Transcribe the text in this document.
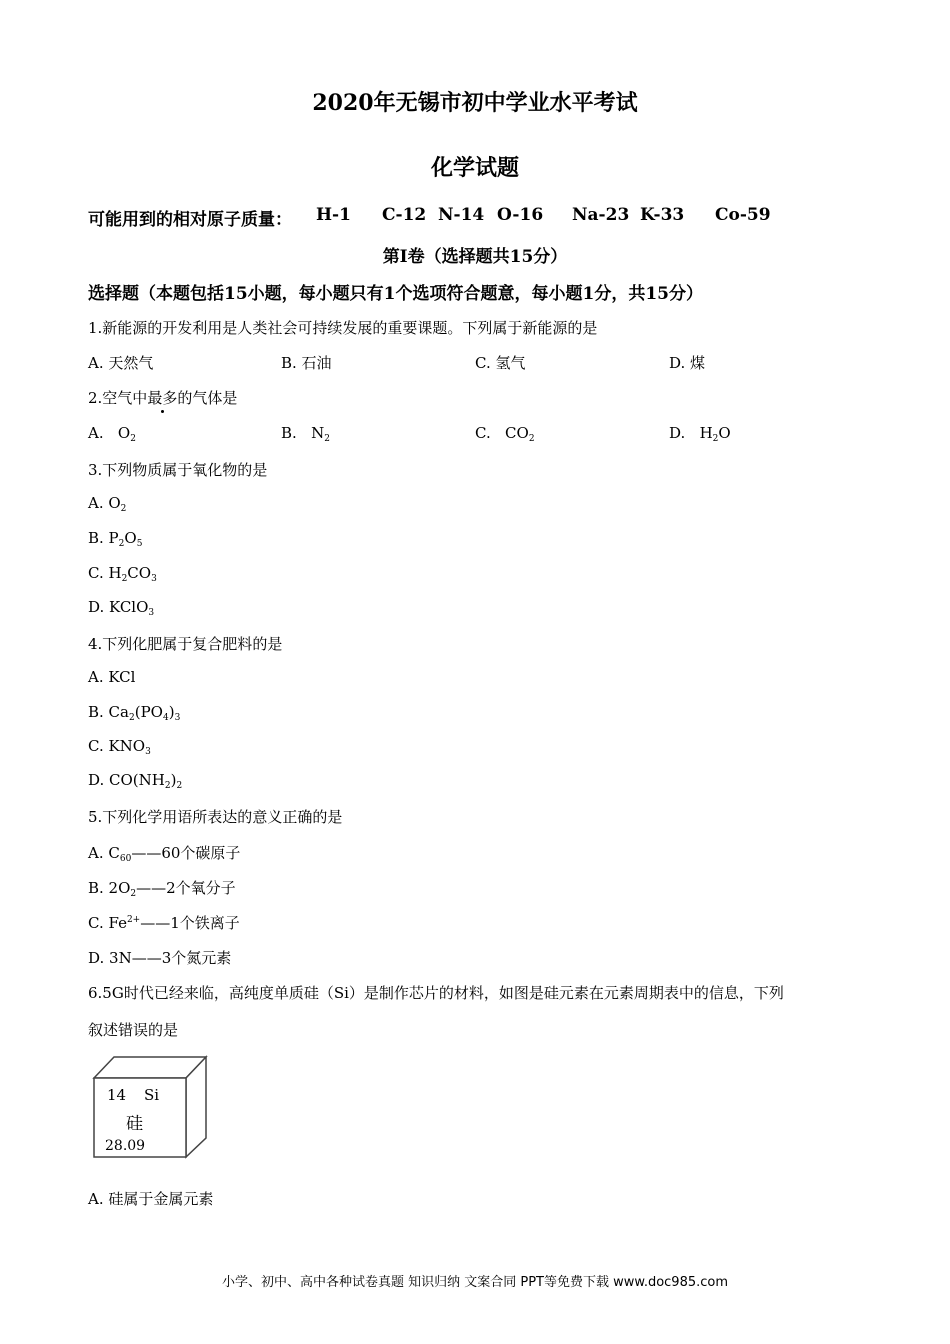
2020年无锡市初中学业水平考试
化学试题
可能用到的相对原子质量： H-1 C-12 N-14 O-16 Na-23 K-33 Co-59
第I卷（选择题共15分）
选择题（本题包括15小题，每小题只有1个选项符合题意，每小题1分，共15分）
1.新能源的开发利用是人类社会可持续发展的重要课题。下列属于新能源的是
A. 天然气	B. 石油	C. 氢气	D. 煤
2.空气中最多的气体是
A. $O_2$	B. $N_2$	C. $CO_2$	D. $H_2O$
3.下列物质属于氧化物的是
A. $O_2$
B. $P_2O_5$
C. $H_2CO_3$
D. KClO$_3$
4.下列化肥属于复合肥料的是
A. KCl
B. $Ca_2(PO_4)_3$
C. $KNO_3$
D. $CO(NH_2)_2$
5.下列化学用语所表达的意义正确的是
A. $C_{60}——60$个碳原子
B. $2O_2——2$个氧分子
C. $Fe^{2+}——1$个铁离子
D. 3N——3个氮元素
6.5G时代已经来临，高纯度单质硅（Si）是制作芯片的材料，如图是硅元素在元素周期表中的信息，下列
叙述错误的是
14 Si
硅
28.09
A. 硅属于金属元素
小学、初中、高中各种试卷真题 知识归纳 文案合同 PPT等免费下载 www.doc985.com
